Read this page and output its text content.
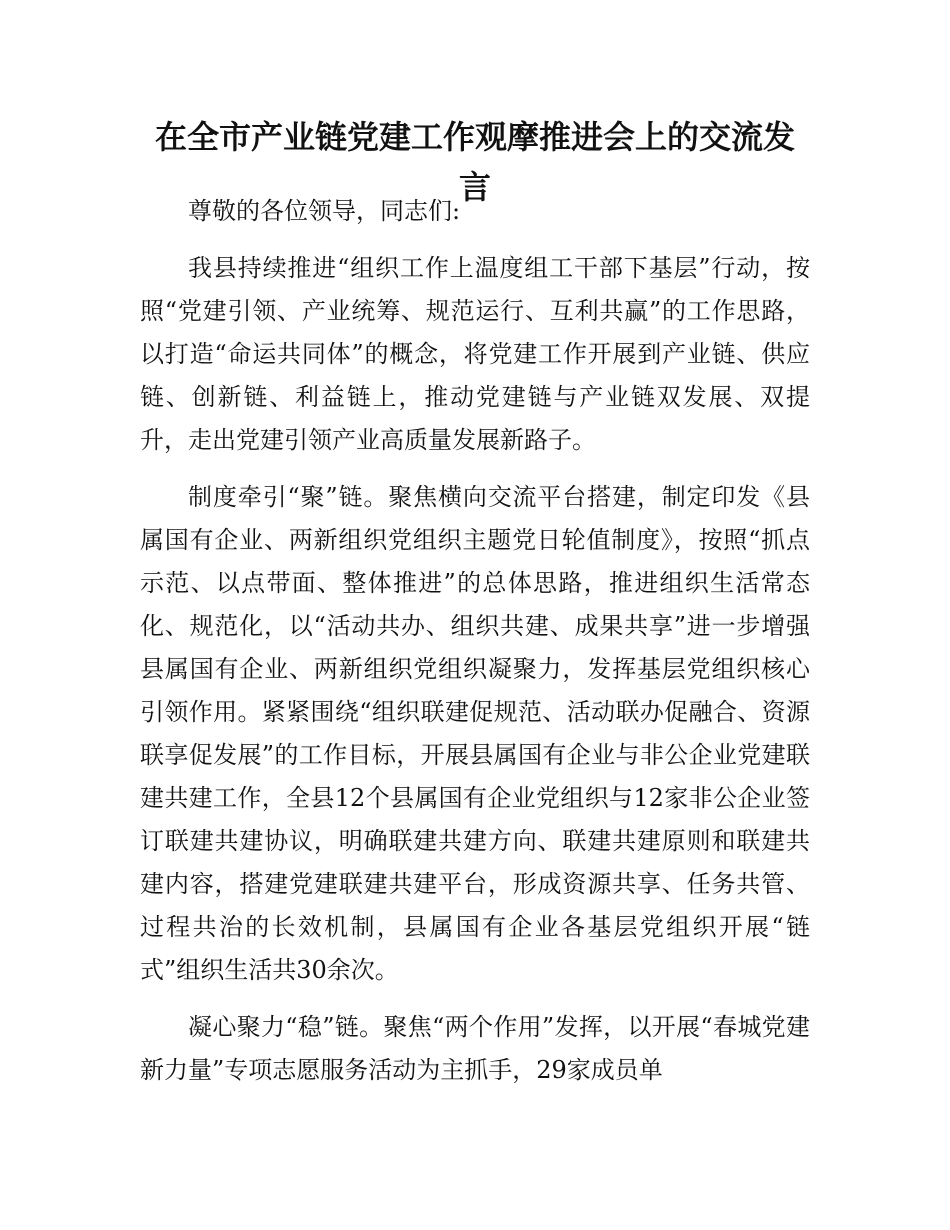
在全市产业链党建工作观摩推进会上的交流发言

尊敬的各位领导，同志们:

我县持续推进“组织工作上温度组工干部下基层”行动，按照“党建引领、产业统筹、规范运行、互利共赢”的工作思路，以打造“命运共同体”的概念，将党建工作开展到产业链、供应链、创新链、利益链上，推动党建链与产业链双发展、双提升，走出党建引领产业高质量发展新路子。

制度牵引“聚”链。聚焦横向交流平台搭建，制定印发《县属国有企业、两新组织党组织主题党日轮值制度》，按照“抓点示范、以点带面、整体推进”的总体思路，推进组织生活常态化、规范化，以“活动共办、组织共建、成果共享”进一步增强县属国有企业、两新组织党组织凝聚力，发挥基层党组织核心引领作用。紧紧围绕“组织联建促规范、活动联办促融合、资源联享促发展”的工作目标，开展县属国有企业与非公企业党建联建共建工作，全县12个县属国有企业党组织与12家非公企业签订联建共建协议，明确联建共建方向、联建共建原则和联建共建内容，搭建党建联建共建平台，形成资源共享、任务共管、过程共治的长效机制，县属国有企业各基层党组织开展“链式”组织生活共30余次。

凝心聚力“稳”链。聚焦“两个作用”发挥，以开展“春城党建新力量”专项志愿服务活动为主抓手，29家成员单
